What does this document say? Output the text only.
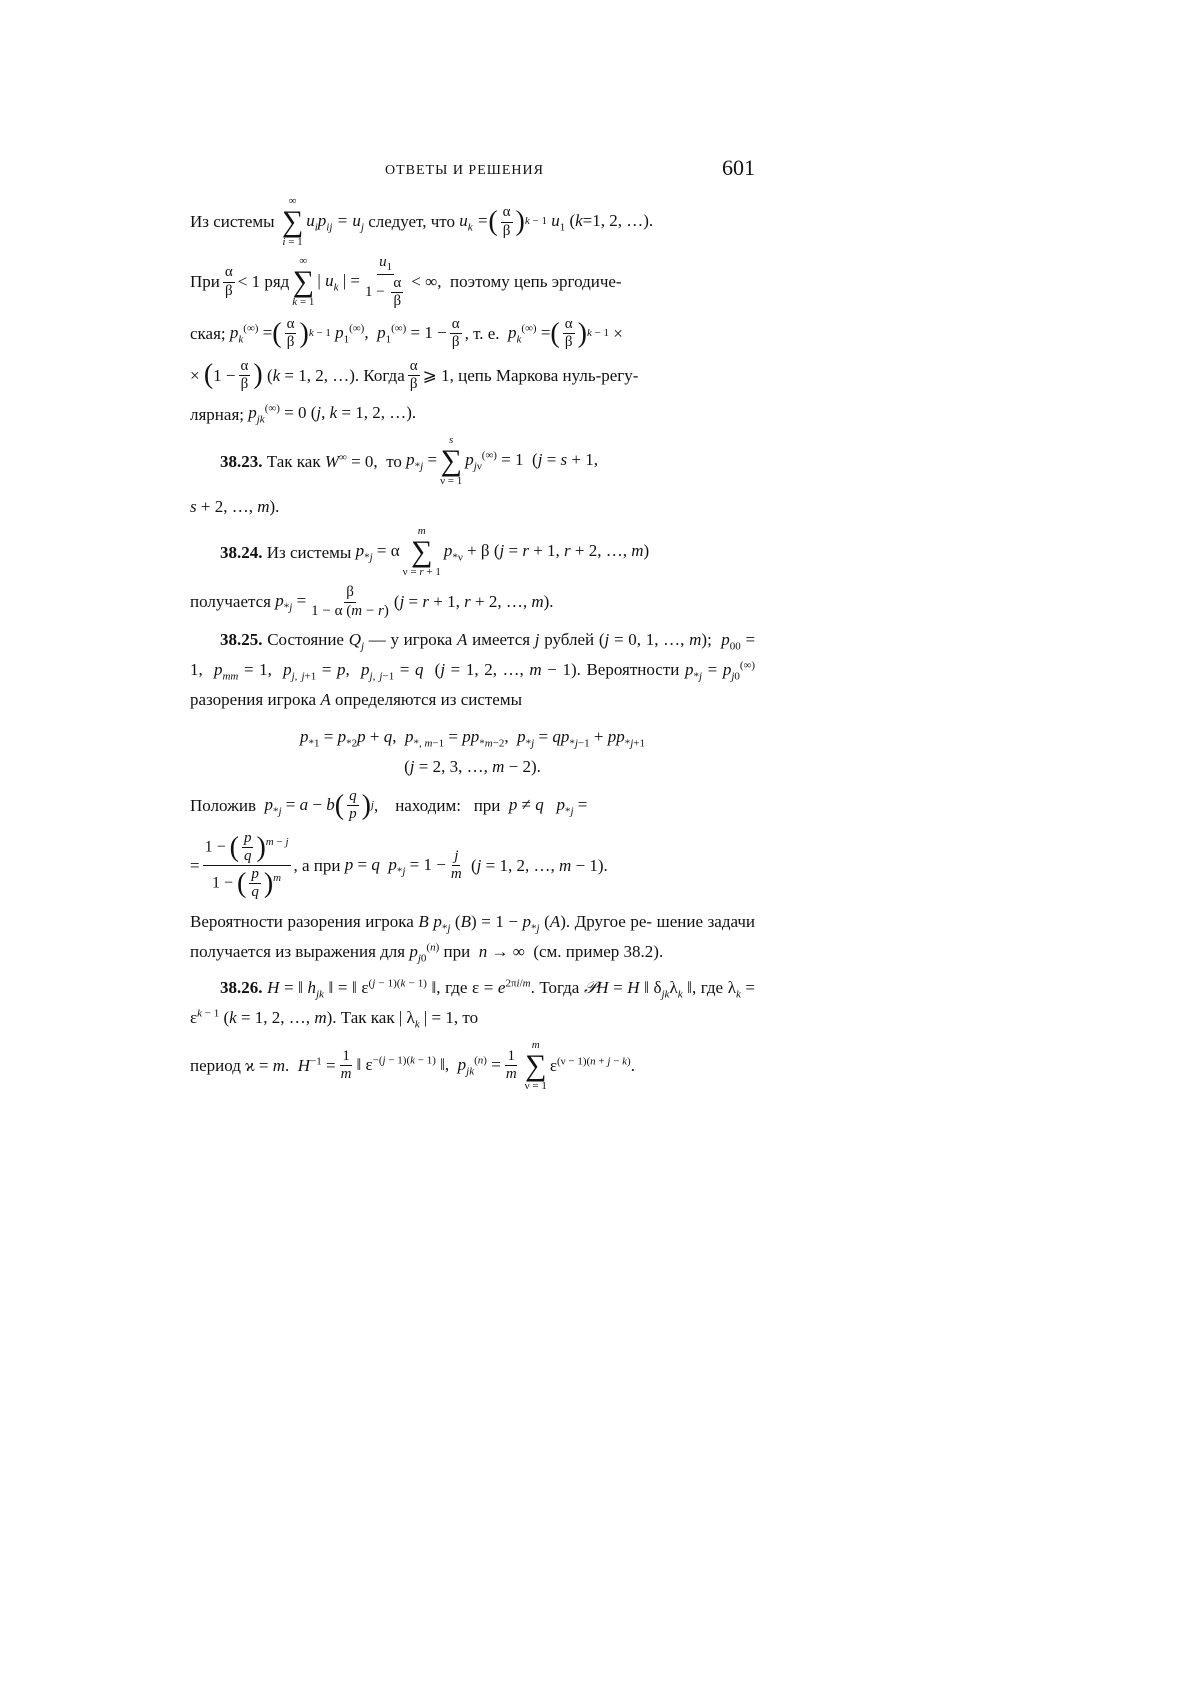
ОТВЕТЫ И РЕШЕНИЯ	601
Из системы

∞
∑
i = 1
$u_ip_{ij} = u_j$
следует, что
$u_k$ = ( $\frac{\alpha}{\beta}$ ) k − 1 $u_1$ (k=1, 2, …).
При $\frac{\alpha}{\beta} < 1$ ряд
∞
∑
k = 1
| $u_k$ | = $\frac{u_1}{1 - \frac{\alpha}{\beta}}$ < ∞, поэтому цепь эргодиче-
ская;
$p_k^{(\infty)}$ = ( $\frac{\alpha}{\beta}$ ) k − 1 $p_1^{(\infty)}$,  $p_1^{(\infty)} = 1 - \frac{\alpha}{\beta}$ , т. е.
$p_k^{(\infty)}$ = ( $\frac{\alpha}{\beta}$ ) k − 1 ×
× ( $1 - \frac{\alpha}{\beta}$ ) (k = 1, 2, …). Когда $\frac{\alpha}{\beta}$ ⩾ 1, цепь Маркова нуль-регу-
лярная;
$p_{jk}^{(\infty)} = 0$ (j, k = 1, 2, …).
38.23.
Так как
W∞ = 0, то
$p_{*j}$ =
s
∑
ν = 1
$p_{j\nu}^{(\infty)} = 1$  (j = s + 1,
s + 2, …, m).
38.24.
Из системы
$p_{*j} = \alpha$
m
∑
ν = r + 1
$p_{*\nu} + \beta$ (j = r + 1, r + 2, …, m)
получается
$p_{*j} = \frac{\beta}{1 - \alpha (m - r)} (j = r + 1$, r + 2, …, m).
38.25. Состояние $Q_j$ — у игрока A имеется j рублей (j = 0, 1, …, m);  $p_{00} = 1$,  $p_{mm} = 1$,  $p_{j, j+1} = p$,  $p_{j, j-1} = q$  (j = 1, 2, …, m − 1). Вероятности $p_{*j} = p_{j0}^{(\infty)}$ разорения игрока A определяются из системы
$p_{*1} = p_{*2}p + q$,  $p_{*, m-1} = pp_{*m-2}$,  $p_{*j} = qp_{*j-1} + pp_{*j+1}$
(j = 2, 3, …, m − 2).
Положив
$p_{*j} = a - b$ ( $\frac{q}{p}$ ) j , находим:
при
p ≠ q $p_{*j}$ =
= $\frac{1 - ( \frac{p}{q} )^{m - j}}{1 - ( \frac{p}{q} )^m}$ , а при p = q $p_{*j} = 1 - \frac{j}{m} (j = 1$, 2, …, m − 1).
Вероятности разорения игрока B $p_{*j}$ $(B) = 1 - p_{*j}$ (A). Другое ре- шение задачи получается из выражения для $p_{j0}^{(n)}$ при n → ∞  (см. пример 38.2).
38.26. H = ‖ $h_{jk}$ ‖ = ‖ $\varepsilon^{(j - 1)(k - 1)}$ ‖, где $\varepsilon = e^{2\pi i/m}$. Тогда 𝒫H = H ‖ $\delta_{jk}\lambda_k$ ‖, где $\lambda_k = \varepsilon^{k - 1}$ (k = 1, 2, …, m). Так как | $\lambda_k$ | = 1, то
период
ϰ = m.  $H^{-1} = \frac{1}{m}$ ‖ $\varepsilon^{-(j - 1)(k - 1)}$ ‖,  $p_{jk}^{(n)} = \frac{1}{m}$
m
∑
ν = 1
$\varepsilon^{(\nu - 1)(n + j - k)}$.
